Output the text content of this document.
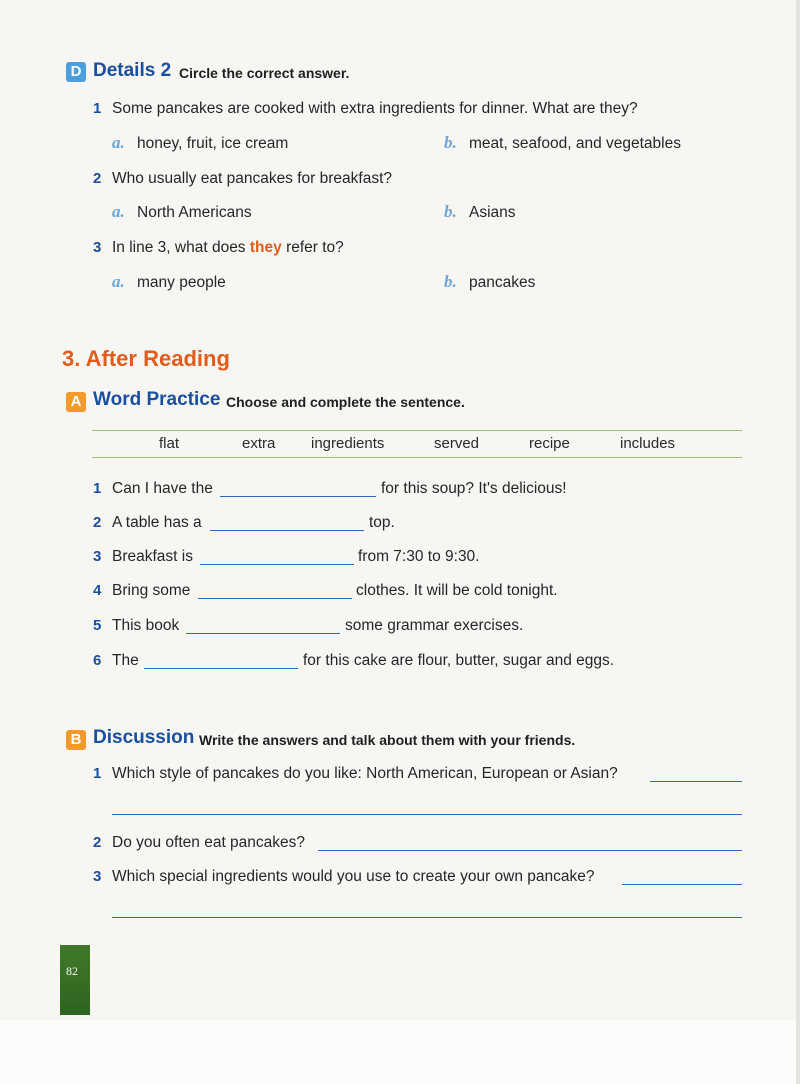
D Details 2 Circle the correct answer.
1 Some pancakes are cooked with extra ingredients for dinner. What are they?
a. honey, fruit, ice cream	b. meat, seafood, and vegetables
2 Who usually eat pancakes for breakfast?
a. North Americans	b. Asians
3 In line 3, what does they refer to?
a. many people	b. pancakes
3. After Reading
A Word Practice Choose and complete the sentence.
flat	extra ingredients	served	recipe	includes
1 Can I have the	for this soup? It's delicious!
2 A table has a	top.
3 Breakfast is	from 7:30 to 9:30.
4 Bring some	clothes. It will be cold tonight.
5 This book	some grammar exercises.
6 The	for this cake are flour, butter, sugar and eggs.
B Discussion Write the answers and talk about them with your friends.
1 Which style of pancakes do you like: North American, European or Asian?
2 Do you often eat pancakes?
3 Which special ingredients would you use to create your own pancake?
82
